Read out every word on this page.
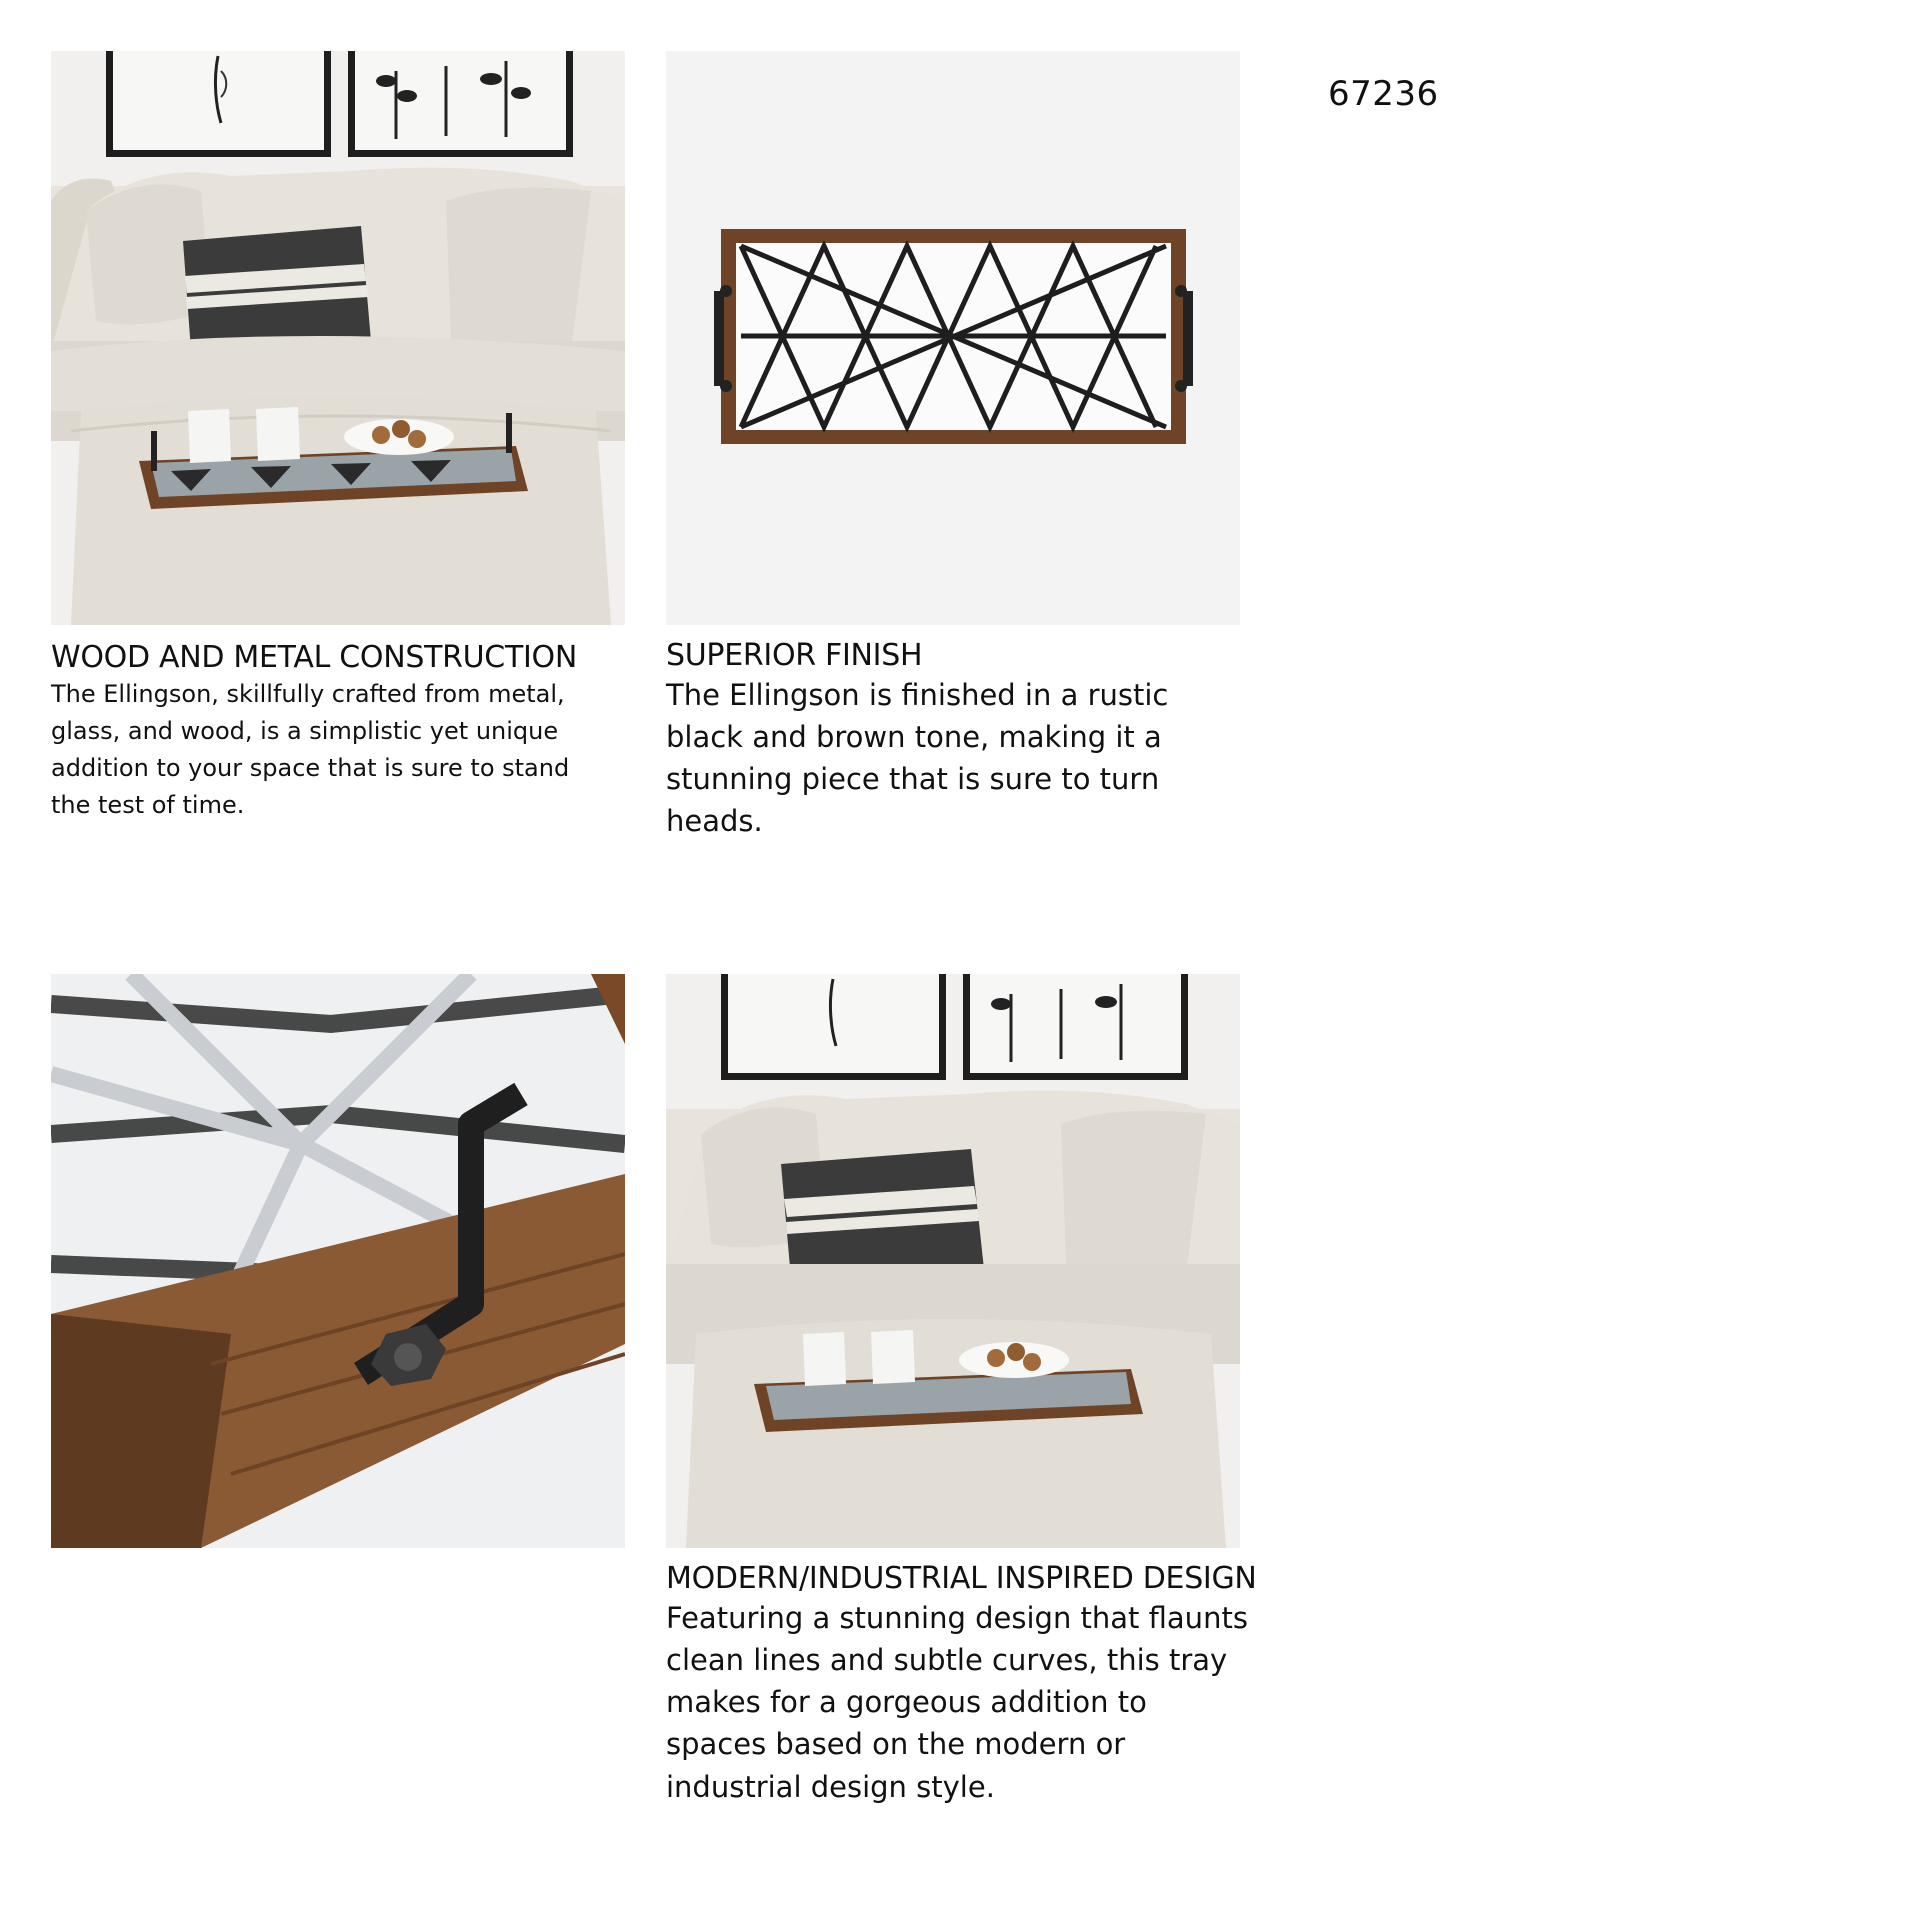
67236
WOOD AND METAL CONSTRUCTION

The Ellingson, skillfully crafted from metal, glass, and wood, is a simplistic yet unique addition to your space that is sure to stand the test of time.

SUPERIOR FINISH

The Ellingson is finished in a rustic black and brown tone, making it a stunning piece that is sure to turn heads.

MODERN/INDUSTRIAL INSPIRED DESIGN

Featuring a stunning design that flaunts clean lines and subtle curves, this tray makes for a gorgeous addition to spaces based on the modern or industrial design style.
